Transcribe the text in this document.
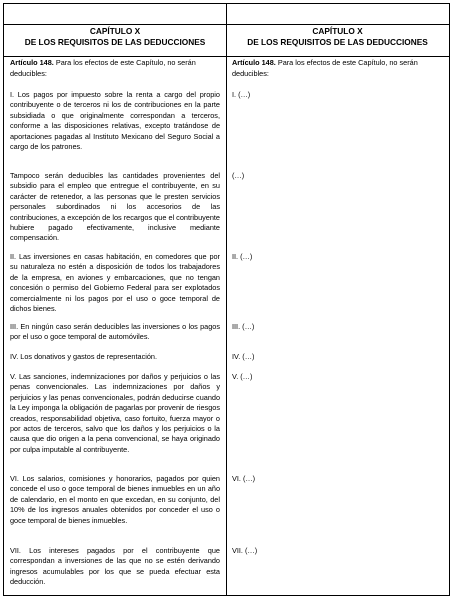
CAPÍTULO X
DE LOS REQUISITOS DE LAS DEDUCCIONES
CAPÍTULO X
DE LOS REQUISITOS DE LAS DEDUCCIONES
Artículo 148. Para los efectos de este Capítulo, no serán deducibles:
Artículo 148. Para los efectos de este Capítulo, no serán deducibles:
I. Los pagos por impuesto sobre la renta a cargo del propio contribuyente o de terceros ni los de contribuciones en la parte subsidiada o que originalmente correspondan a terceros, conforme a las disposiciones relativas, excepto tratándose de aportaciones pagadas al Instituto Mexicano del Seguro Social a cargo de los patrones.
Tampoco serán deducibles las cantidades provenientes del subsidio para el empleo que entregue el contribuyente, en su carácter de retenedor, a las personas que le presten servicios personales subordinados ni los accesorios de las contribuciones, a excepción de los recargos que el contribuyente hubiere pagado efectivamente, inclusive mediante compensación.
II. Las inversiones en casas habitación, en comedores que por su naturaleza no estén a disposición de todos los trabajadores de la empresa, en aviones y embarcaciones, que no tengan concesión o permiso del Gobierno Federal para ser explotados comercialmente ni los pagos por el uso o goce temporal de dichos bienes.
III. En ningún caso serán deducibles las inversiones o los pagos por el uso o goce temporal de automóviles.
IV. Los donativos y gastos de representación.
V. Las sanciones, indemnizaciones por daños y perjuicios o las penas convencionales. Las indemnizaciones por daños y perjuicios y las penas convencionales, podrán deducirse cuando la Ley imponga la obligación de pagarlas por provenir de riesgos creados, responsabilidad objetiva, caso fortuito, fuerza mayor o por actos de terceros, salvo que los daños y los perjuicios o la causa que dio origen a la pena convencional, se haya originado por culpa imputable al contribuyente.
VI. Los salarios, comisiones y honorarios, pagados por quien concede el uso o goce temporal de bienes inmuebles en un año de calendario, en el monto en que excedan, en su conjunto, del 10% de los ingresos anuales obtenidos por conceder el uso o goce temporal de bienes inmuebles.
VII. Los intereses pagados por el contribuyente que correspondan a inversiones de las que no se estén derivando ingresos acumulables por los que se pueda efectuar esta deducción.
I. (…)
(…)
II. (…)
III. (…)
IV. (…)
V. (…)
VI. (…)
VII. (…)
